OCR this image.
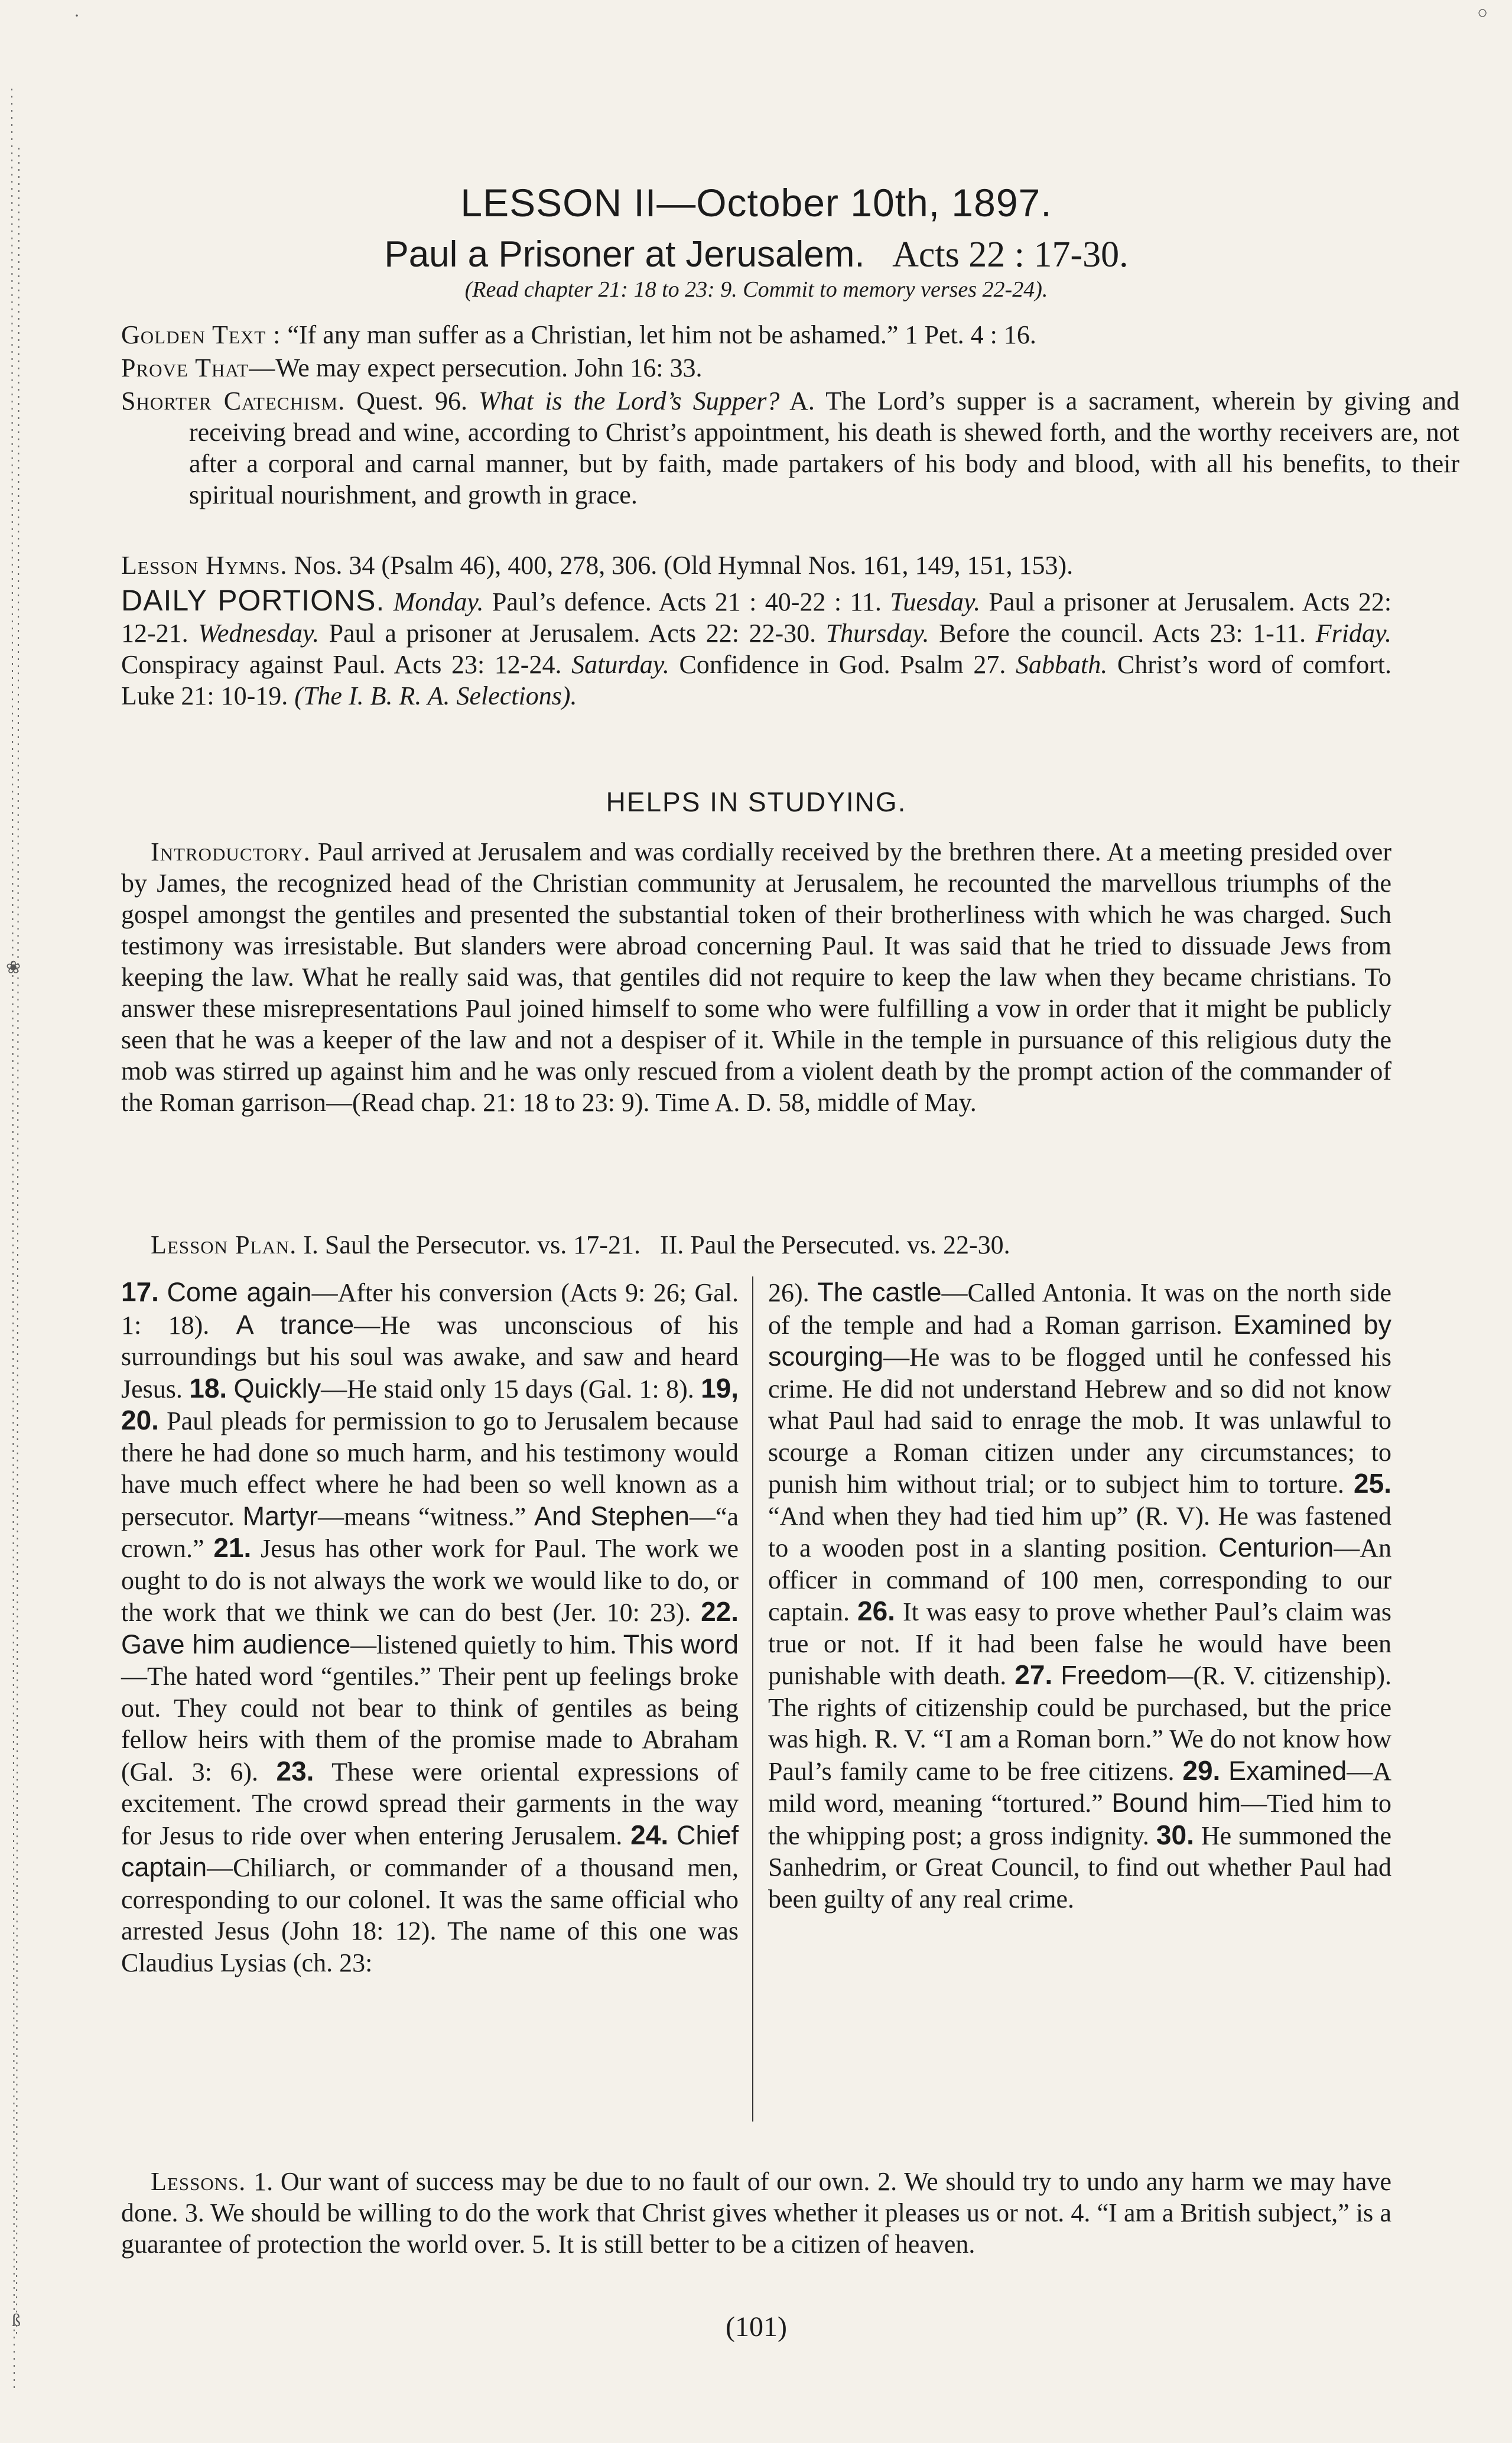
·	○
❀
ß
LESSON II—October 10th, 1897.
Paul a Prisoner at Jerusalem. Acts 22 : 17-30.
(Read chapter 21: 18 to 23: 9. Commit to memory verses 22-24).
Golden Text : “If any man suffer as a Christian, let him not be ashamed.” 1 Pet. 4 : 16.
Prove That—We may expect persecution. John 16: 33.
Shorter Catechism. Quest. 96. What is the Lord’s Supper? A. The Lord’s supper is a sacrament, wherein by giving and receiving bread and wine, according to Christ’s appointment, his death is shewed forth, and the worthy receivers are, not after a corporal and carnal manner, but by faith, made partakers of his body and blood, with all his benefits, to their spiritual nourishment, and growth in grace.
Lesson Hymns. Nos. 34 (Psalm 46), 400, 278, 306. (Old Hymnal Nos. 161, 149, 151, 153).
DAILY PORTIONS. Monday. Paul’s defence. Acts 21 : 40-22 : 11. Tuesday. Paul a prisoner at Jerusalem. Acts 22: 12-21. Wednesday. Paul a prisoner at Jerusalem. Acts 22: 22-30. Thursday. Before the council. Acts 23: 1-11. Friday. Conspiracy against Paul. Acts 23: 12-24. Saturday. Confidence in God. Psalm 27. Sabbath. Christ’s word of comfort. Luke 21: 10-19. (The I. B. R. A. Selections).
HELPS IN STUDYING.
Introductory. Paul arrived at Jerusalem and was cordially received by the brethren there. At a meeting presided over by James, the recognized head of the Christian community at Jerusalem, he recounted the marvellous triumphs of the gospel amongst the gentiles and presented the substantial token of their brotherliness with which he was charged. Such testimony was irresistable. But slanders were abroad concerning Paul. It was said that he tried to dissuade Jews from keeping the law. What he really said was, that gentiles did not require to keep the law when they became christians. To answer these misrepresentations Paul joined himself to some who were fulfilling a vow in order that it might be publicly seen that he was a keeper of the law and not a despiser of it. While in the temple in pursuance of this religious duty the mob was stirred up against him and he was only rescued from a violent death by the prompt action of the commander of the Roman garrison—(Read chap. 21: 18 to 23: 9). Time A. D. 58, middle of May.
Lesson Plan. I. Saul the Persecutor. vs. 17-21. II. Paul the Persecuted. vs. 22-30.
17. Come again—After his conversion (Acts 9: 26; Gal. 1: 18). A trance—He was unconscious of his surroundings but his soul was awake, and saw and heard Jesus. 18. Quickly—He staid only 15 days (Gal. 1: 8). 19, 20. Paul pleads for permission to go to Jerusalem because there he had done so much harm, and his testimony would have much effect where he had been so well known as a persecutor. Martyr—means “witness.” And Stephen—“a crown.” 21. Jesus has other work for Paul. The work we ought to do is not always the work we would like to do, or the work that we think we can do best (Jer. 10: 23). 22. Gave him audience—listened quietly to him. This word—The hated word “gentiles.” Their pent up feelings broke out. They could not bear to think of gentiles as being fellow heirs with them of the promise made to Abraham (Gal. 3: 6). 23. These were oriental expressions of excitement. The crowd spread their garments in the way for Jesus to ride over when entering Jerusalem. 24. Chief captain—Chiliarch, or commander of a thousand men, corresponding to our colonel. It was the same official who arrested Jesus (John 18: 12). The name of this one was Claudius Lysias (ch. 23:
26). The castle—Called Antonia. It was on the north side of the temple and had a Roman garrison. Examined by scourging—He was to be flogged until he confessed his crime. He did not understand Hebrew and so did not know what Paul had said to enrage the mob. It was unlawful to scourge a Roman citizen under any circumstances; to punish him without trial; or to subject him to torture. 25. “And when they had tied him up” (R. V). He was fastened to a wooden post in a slanting position. Centurion—An officer in command of 100 men, corresponding to our captain. 26. It was easy to prove whether Paul’s claim was true or not. If it had been false he would have been punishable with death. 27. Freedom—(R. V. citizenship). The rights of citizenship could be purchased, but the price was high. R. V. “I am a Roman born.” We do not know how Paul’s family came to be free citizens. 29. Examined—A mild word, meaning “tortured.” Bound him—Tied him to the whipping post; a gross indignity. 30. He summoned the Sanhedrim, or Great Council, to find out whether Paul had been guilty of any real crime.
Lessons. 1. Our want of success may be due to no fault of our own. 2. We should try to undo any harm we may have done. 3. We should be willing to do the work that Christ gives whether it pleases us or not. 4. “I am a British subject,” is a guarantee of protection the world over. 5. It is still better to be a citizen of heaven.
(101)
